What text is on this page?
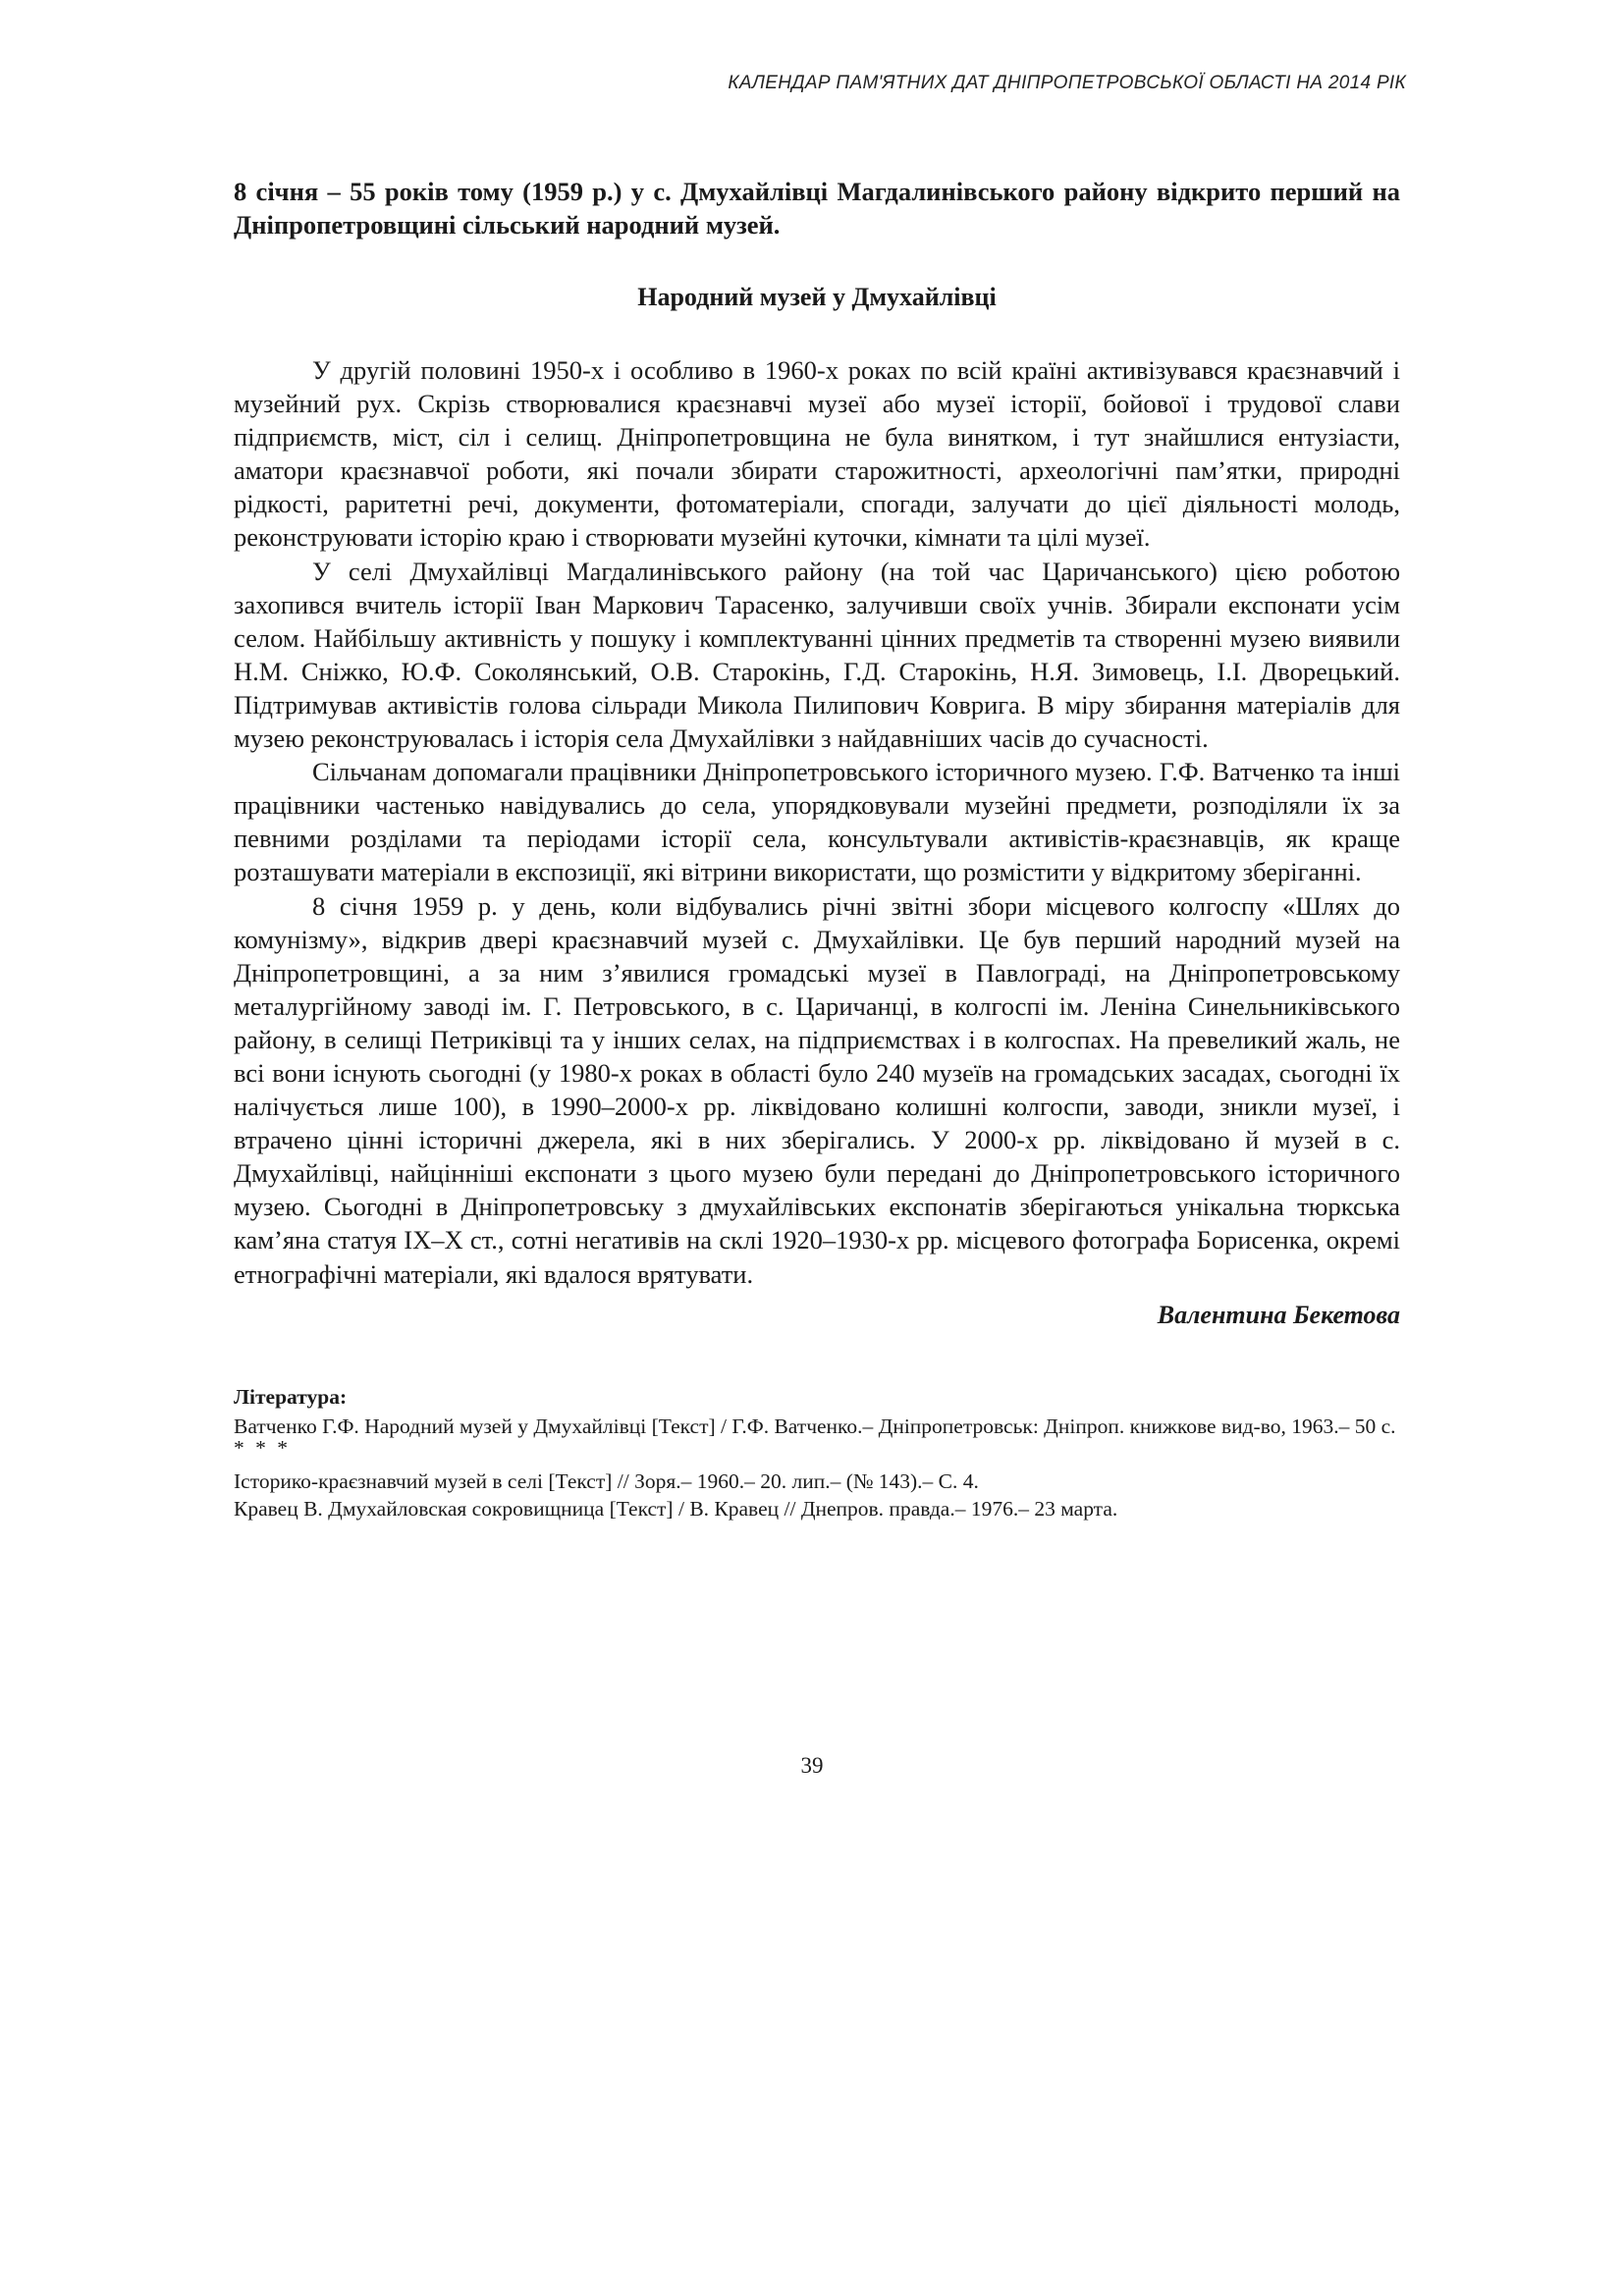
КАЛЕНДАР ПАМ'ЯТНИХ ДАТ ДНІПРОПЕТРОВСЬКОЇ ОБЛАСТІ НА 2014 РІК

8 січня – 55 років тому (1959 р.) у с. Дмухайлівці Магдалинівського району відкрито перший на Дніпропетровщині сільський народний музей.

Народний музей у Дмухайлівці

У другій половині 1950-х і особливо в 1960-х роках по всій країні активізувався краєзнавчий і музейний рух. Скрізь створювалися краєзнавчі музеї або музеї історії, бойової і трудової слави підприємств, міст, сіл і селищ. Дніпропетровщина не була винятком, і тут знайшлися ентузіасти, аматори краєзнавчої роботи, які почали збирати старожитності, археологічні пам’ятки, природні рідкості, раритетні речі, документи, фотоматеріали, спогади, залучати до цієї діяльності молодь, реконструювати історію краю і створювати музейні куточки, кімнати та цілі музеї.

У селі Дмухайлівці Магдалинівського району (на той час Царичанського) цією роботою захопився вчитель історії Іван Маркович Тарасенко, залучивши своїх учнів. Збирали експонати усім селом. Найбільшу активність у пошуку і комплектуванні цінних предметів та створенні музею виявили Н.М. Сніжко, Ю.Ф. Соколянський, О.В. Старокінь, Г.Д. Старокінь, Н.Я. Зимовець, І.І. Дворецький. Підтримував активістів голова сільради Микола Пилипович Коврига. В міру збирання матеріалів для музею реконструювалась і історія села Дмухайлівки з найдавніших часів до сучасності.

Сільчанам допомагали працівники Дніпропетровського історичного музею. Г.Ф. Ватченко та інші працівники частенько навідувались до села, упорядковували музейні предмети, розподіляли їх за певними розділами та періодами історії села, консультували активістів-краєзнавців, як краще розташувати матеріали в експозиції, які вітрини використати, що розмістити у відкритому зберіганні.

8 січня 1959 р. у день, коли відбувались річні звітні збори місцевого колгоспу «Шлях до комунізму», відкрив двері краєзнавчий музей с. Дмухайлівки. Це був перший народний музей на Дніпропетровщині, а за ним з’явилися громадські музеї в Павлограді, на Дніпропетровському металургійному заводі ім. Г. Петровського, в с. Царичанці, в колгоспі ім. Леніна Синельниківського району, в селищі Петриківці та у інших селах, на підприємствах і в колгоспах. На превеликий жаль, не всі вони існують сьогодні (у 1980-х роках в області було 240 музеїв на громадських засадах, сьогодні їх налічується лише 100), в 1990–2000-х рр. ліквідовано колишні колгоспи, заводи, зникли музеї, і втрачено цінні історичні джерела, які в них зберігались. У 2000-х рр. ліквідовано й музей в с. Дмухайлівці, найцінніші експонати з цього музею були передані до Дніпропетровського історичного музею. Сьогодні в Дніпропетровську з дмухайлівських експонатів зберігаються унікальна тюркська кам’яна статуя IX–X ст., сотні негативів на склі 1920–1930-х рр. місцевого фотографа Борисенка, окремі етнографічні матеріали, які вдалося врятувати.

Валентина Бекетова
Література:

Ватченко Г.Ф. Народний музей у Дмухайлівці [Текст] / Г.Ф. Ватченко.– Дніпропетровськ: Дніпроп. книжкове вид-во, 1963.– 50 с.

* * *

Історико-краєзнавчий музей в селі [Текст] // Зоря.– 1960.– 20. лип.– (№ 143).– С. 4.

Кравец В. Дмухайловская сокровищница [Текст] / В. Кравец // Днепров. правда.– 1976.– 23 марта.

39
